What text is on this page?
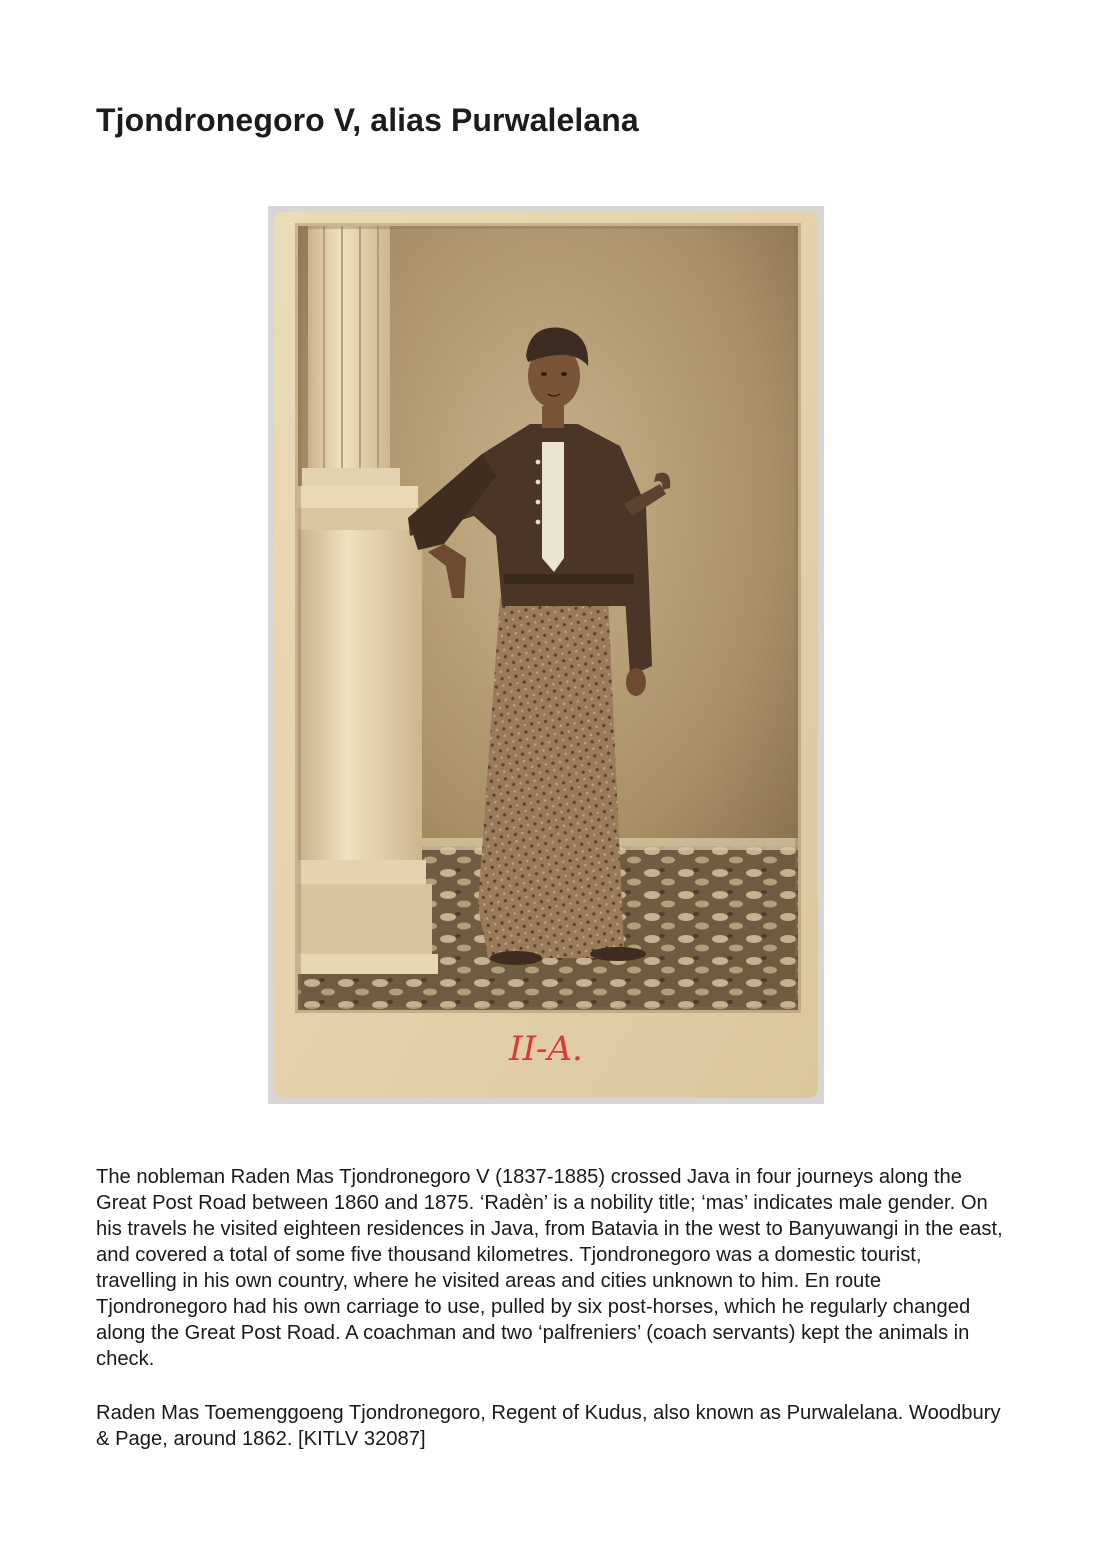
Tjondronegoro V, alias Purwalelana
II-A.

The nobleman Raden Mas Tjondronegoro V (1837-1885) crossed Java in four journeys along the Great Post Road between 1860 and 1875. ‘Radèn’ is a nobility title; ‘mas’ indicates male gender. On his travels he visited eighteen residences in Java, from Batavia in the west to Banyuwangi in the east, and covered a total of some five thousand kilometres. Tjondronegoro was a domestic tourist, travelling in his own country, where he visited areas and cities unknown to him. En route Tjondronegoro had his own carriage to use, pulled by six post-horses, which he regularly changed along the Great Post Road. A coachman and two ‘palfreniers’ (coach servants) kept the animals in check.

Raden Mas Toemenggoeng Tjondronegoro, Regent of Kudus, also known as Purwalelana. Woodbury & Page, around 1862. [KITLV 32087]
